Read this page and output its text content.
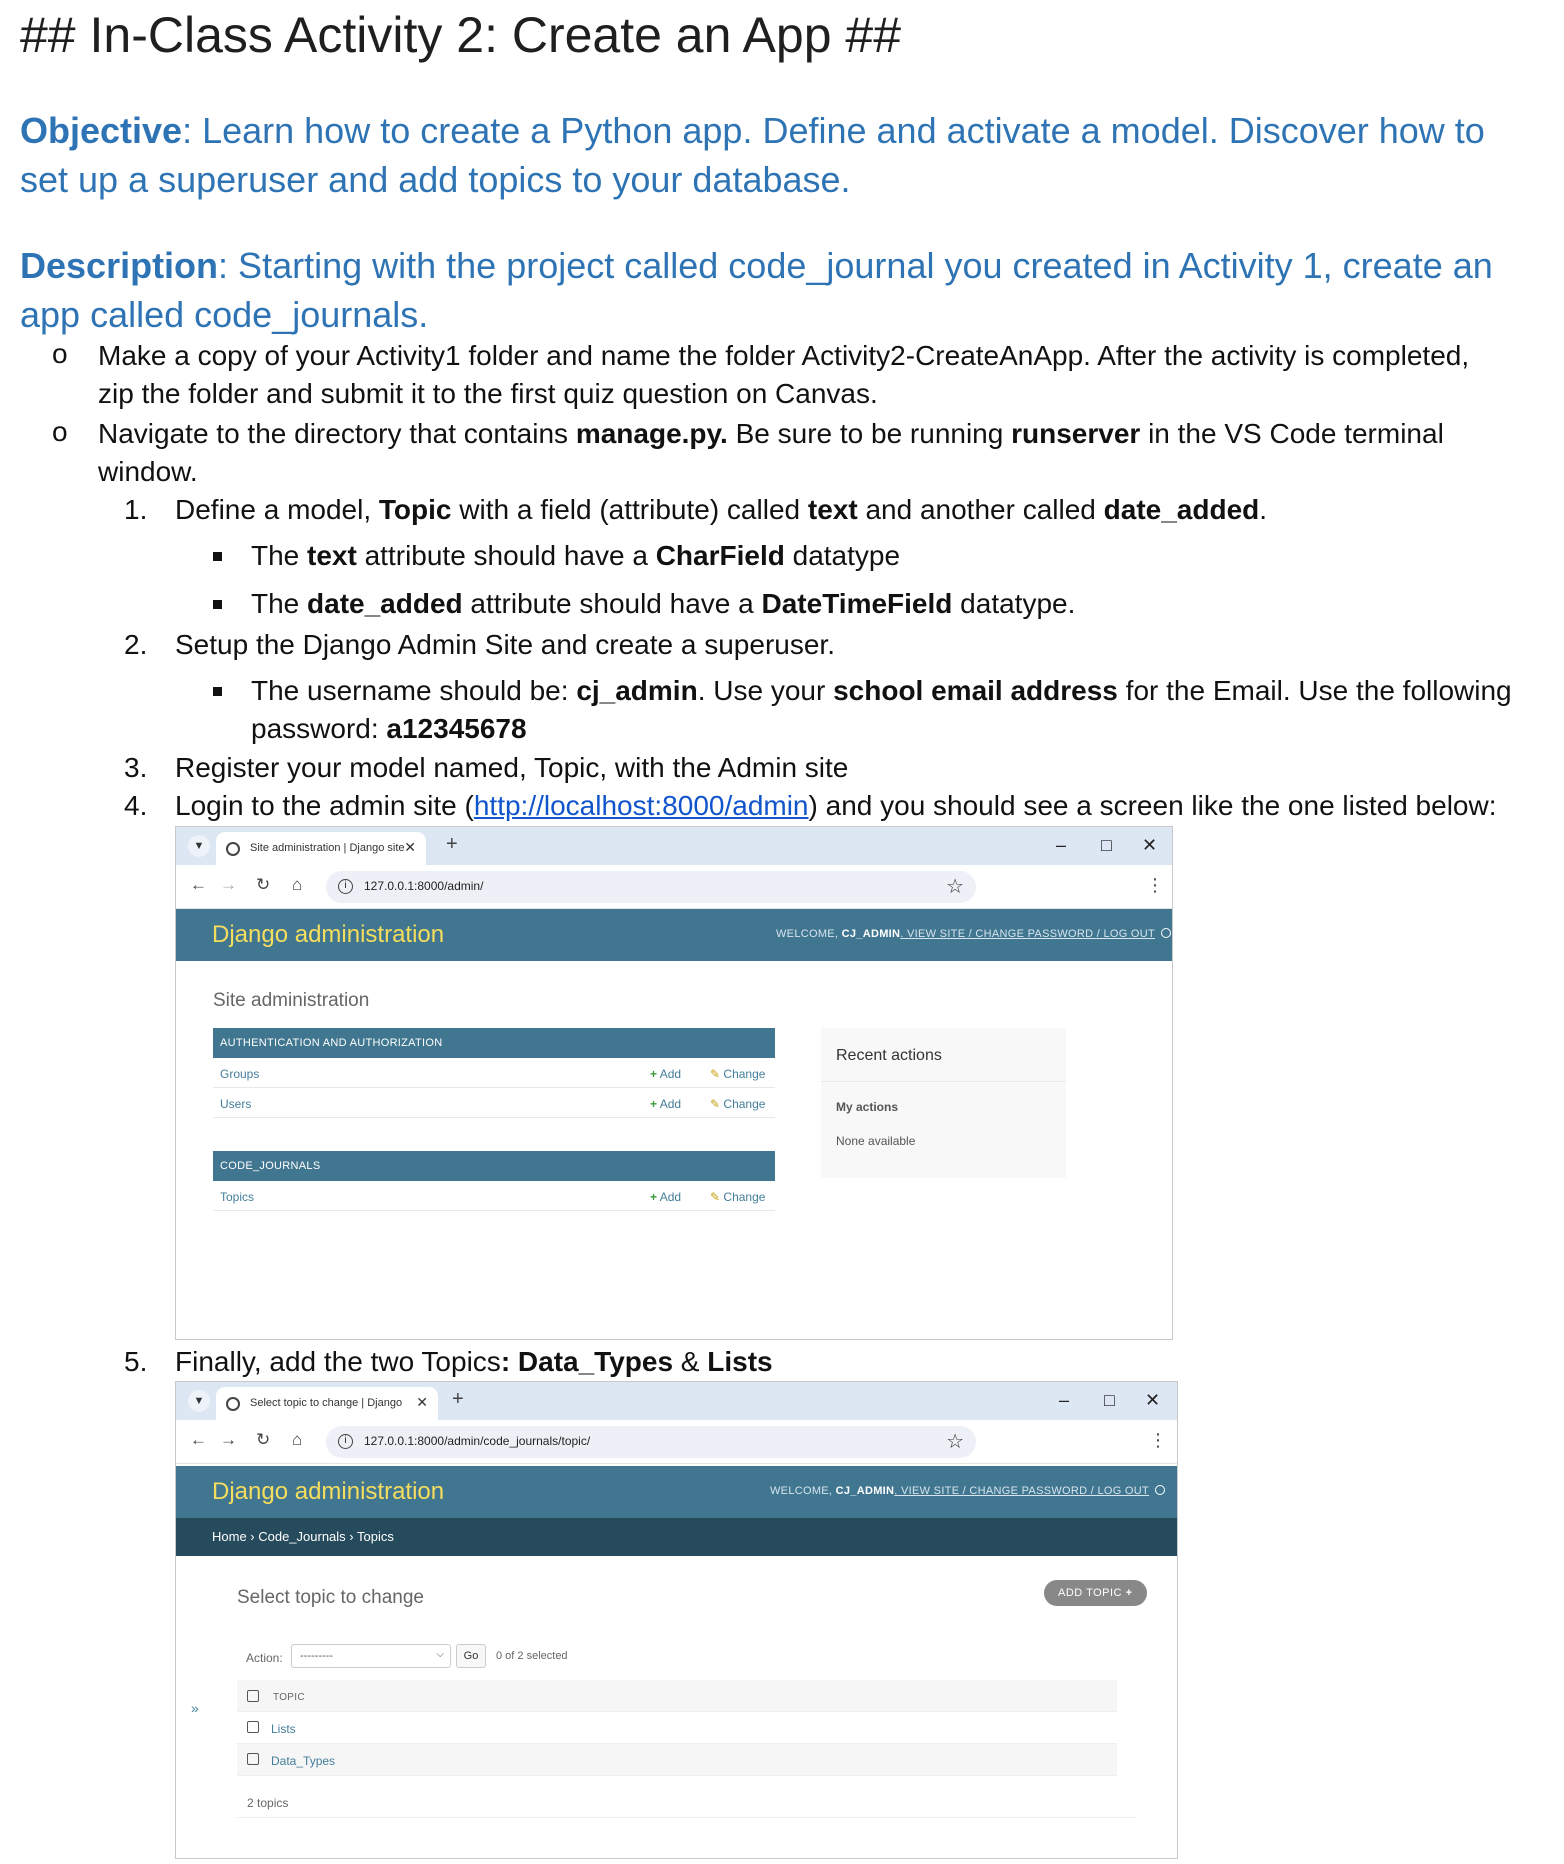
## In-Class Activity 2: Create an App ##
Objective: Learn how to create a Python app. Define and activate a model. Discover how to set up a superuser and add topics to your database.
Description: Starting with the project called code_journal you created in Activity 1, create an app called code_journals.
o Make a copy of your Activity1 folder and name the folder Activity2-CreateAnApp. After the activity is completed,
zip the folder and submit it to the first quiz question on Canvas.
o Navigate to the directory that contains manage.py. Be sure to be running runserver in the VS Code terminal
window.
1. Define a model, Topic with a field (attribute) called text and another called date_added.
The text attribute should have a CharField datatype
The date_added attribute should have a DateTimeField datatype.
2. Setup the Django Admin Site and create a superuser.
The username should be: cj_admin. Use your school email address for the Email. Use the following
password: a12345678
3. Register your model named, Topic, with the Admin site
4. Login to the admin site (http://localhost:8000/admin) and you should see a screen like the one listed below:
▼	Site administration | Django site ✕ +	– □ ✕
← → ↻ ⌂	i	127.0.0.1:8000/admin/	☆	⋮
Django administration	WELCOME, CJ_ADMIN. VIEW SITE / CHANGE PASSWORD / LOG OUT
Site administration
AUTHENTICATION AND AUTHORIZATION
Groups	+ Add ✎ Change
Users	+ Add ✎ Change
CODE_JOURNALS
Topics	+ Add ✎ Change
Recent actions
My actions
None available
5. Finally, add the two Topics: Data_Types & Lists
▼	Select topic to change | Django ✕ +	– □ ✕
← → ↻ ⌂	i	127.0.0.1:8000/admin/code_journals/topic/	☆	⋮
Django administration	WELCOME, CJ_ADMIN. VIEW SITE / CHANGE PASSWORD / LOG OUT
Home › Code_Journals › Topics
Select topic to change	ADD TOPIC +
»
Action:	---------	⌵	Go	0 of 2 selected
TOPIC
Lists
Data_Types
2 topics
